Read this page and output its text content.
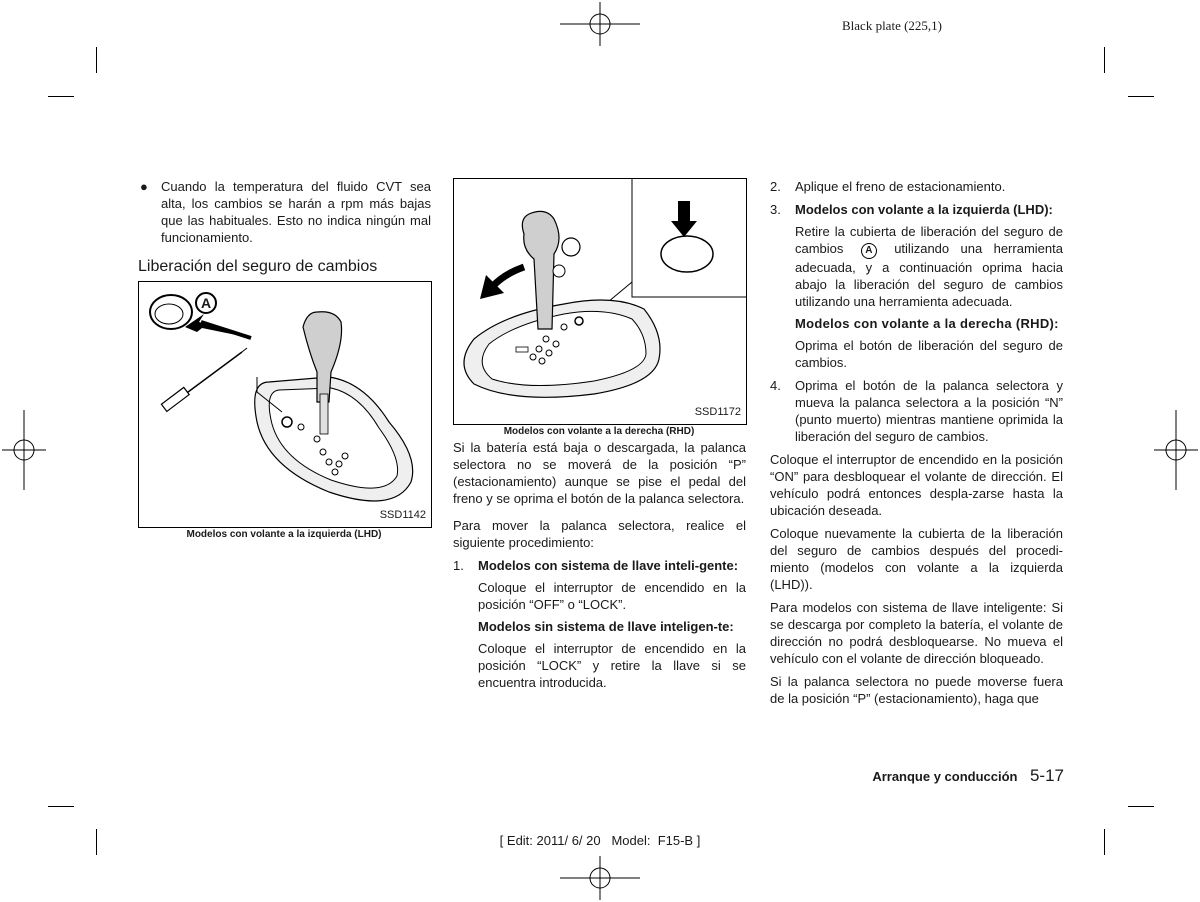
Black plate (225,1)
● Cuando la temperatura del fluido CVT sea alta, los cambios se harán a rpm más bajas que las habituales. Esto no indica ningún mal funcionamiento.
Liberación del seguro de cambios
A
SSD1142
Modelos con volante a la izquierda (LHD)
SSD1172
Modelos con volante a la derecha (RHD)

Si la batería está baja o descargada, la palanca selectora no se moverá de la posición “P” (estacionamiento) aunque se pise el pedal del freno y se oprima el botón de la palanca selectora.

Para mover la palanca selectora, realice el siguiente procedimiento:

1. Modelos con sistema de llave inteli-gente:
Coloque el interruptor de encendido en la posición “OFF” o “LOCK”.
Modelos sin sistema de llave inteligen-te:
Coloque el interruptor de encendido en la posición “LOCK” y retire la llave si se encuentra introducida.
2. Aplique el freno de estacionamiento.
3. Modelos con volante a la izquierda (LHD):
Retire la cubierta de liberación del seguro de cambios A utilizando una herramienta adecuada, y a continuación oprima hacia abajo la liberación del seguro de cambios utilizando una herramienta adecuada.
Modelos con volante a la derecha (RHD):
Oprima el botón de liberación del seguro de cambios.
4. Oprima el botón de la palanca selectora y mueva la palanca selectora a la posición “N” (punto muerto) mientras mantiene oprimida la liberación del seguro de cambios.

Coloque el interruptor de encendido en la posición “ON” para desbloquear el volante de dirección. El vehículo podrá entonces despla-zarse hasta la ubicación deseada.

Coloque nuevamente la cubierta de la liberación del seguro de cambios después del procedi-miento (modelos con volante a la izquierda (LHD)).

Para modelos con sistema de llave inteligente: Si se descarga por completo la batería, el volante de dirección no podrá desbloquearse. No mueva el vehículo con el volante de dirección bloqueado.

Si la palanca selectora no puede moverse fuera de la posición “P” (estacionamiento), haga que

Arranque y conducción 5-17
[ Edit: 2011/ 6/ 20   Model:  F15-B ]
